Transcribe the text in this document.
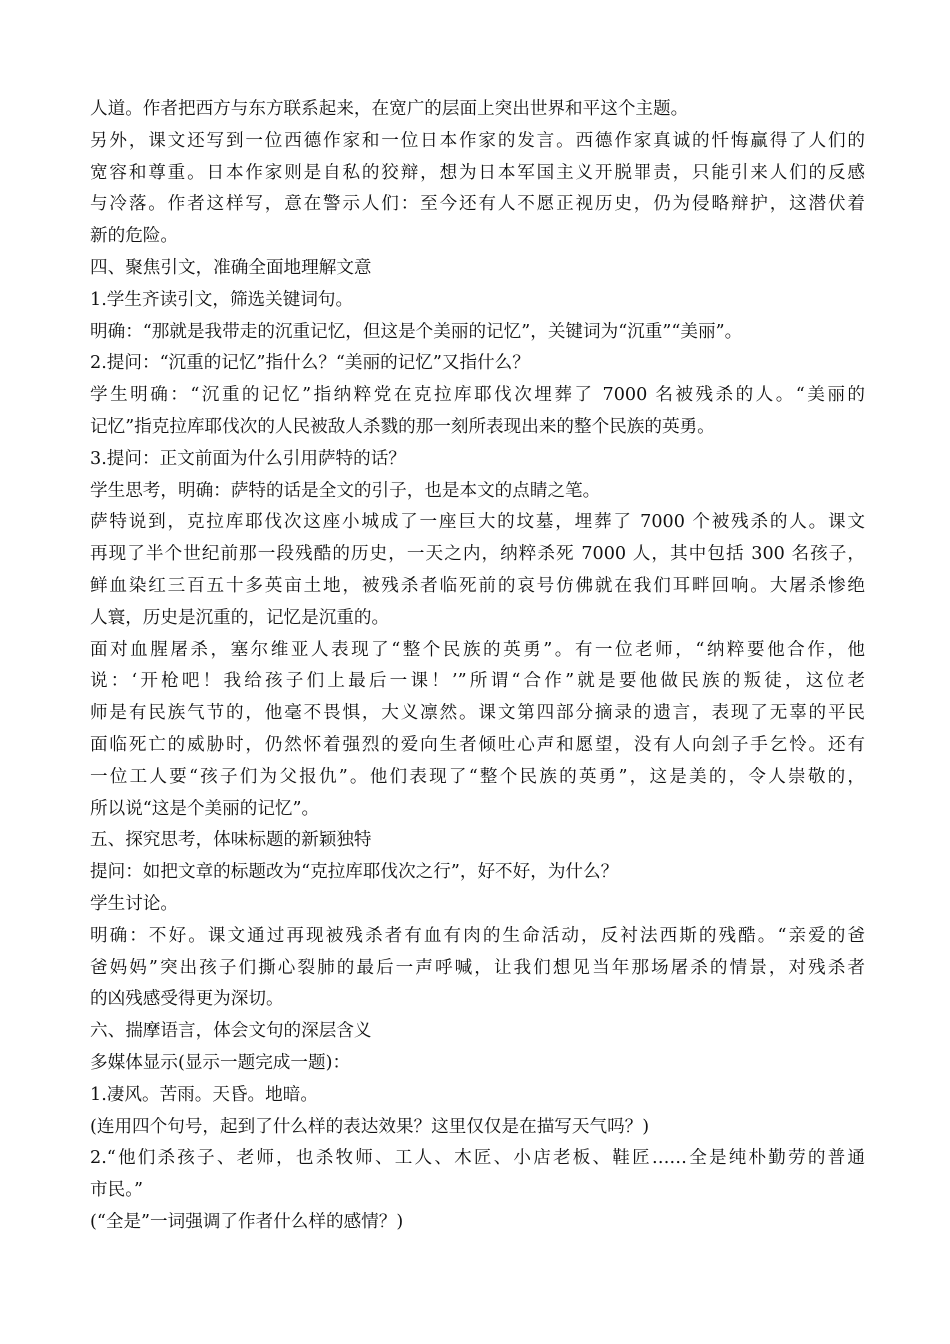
人道。作者把西方与东方联系起来，在宽广的层面上突出世界和平这个主题。
另外，课文还写到一位西德作家和一位日本作家的发言。西德作家真诚的忏悔赢得了人们的
宽容和尊重。日本作家则是自私的狡辩，想为日本军国主义开脱罪责，只能引来人们的反感
与冷落。作者这样写，意在警示人们：至今还有人不愿正视历史，仍为侵略辩护，这潜伏着
新的危险。
四、聚焦引文，准确全面地理解文意
1.学生齐读引文，筛选关键词句。
明确：“那就是我带走的沉重记忆，但这是个美丽的记忆”，关键词为“沉重”“美丽”。
2.提问：“沉重的记忆”指什么？“美丽的记忆”又指什么？
学生明确：“沉重的记忆”指纳粹党在克拉库耶伐次埋葬了 7000 名被残杀的人。“美丽的
记忆”指克拉库耶伐次的人民被敌人杀戮的那一刻所表现出来的整个民族的英勇。
3.提问：正文前面为什么引用萨特的话？
学生思考，明确：萨特的话是全文的引子，也是本文的点睛之笔。
萨特说到，克拉库耶伐次这座小城成了一座巨大的坟墓，埋葬了 7000 个被残杀的人。课文
再现了半个世纪前那一段残酷的历史，一天之内，纳粹杀死 7000 人，其中包括 300 名孩子，
鲜血染红三百五十多英亩土地，被残杀者临死前的哀号仿佛就在我们耳畔回响。大屠杀惨绝
人寰，历史是沉重的，记忆是沉重的。
面对血腥屠杀，塞尔维亚人表现了“整个民族的英勇”。有一位老师，“纳粹要他合作，他
说：‘开枪吧！我给孩子们上最后一课！’”所谓“合作”就是要他做民族的叛徒，这位老
师是有民族气节的，他毫不畏惧，大义凛然。课文第四部分摘录的遗言，表现了无辜的平民
面临死亡的威胁时，仍然怀着强烈的爱向生者倾吐心声和愿望，没有人向刽子手乞怜。还有
一位工人要“孩子们为父报仇”。他们表现了“整个民族的英勇”，这是美的，令人崇敬的，
所以说“这是个美丽的记忆”。
五、探究思考，体味标题的新颖独特
提问：如把文章的标题改为“克拉库耶伐次之行”，好不好，为什么？
学生讨论。
明确：不好。课文通过再现被残杀者有血有肉的生命活动，反衬法西斯的残酷。“亲爱的爸
爸妈妈”突出孩子们撕心裂肺的最后一声呼喊，让我们想见当年那场屠杀的情景，对残杀者
的凶残感受得更为深切。
六、揣摩语言，体会文句的深层含义
多媒体显示(显示一题完成一题)：
1.凄风。苦雨。天昏。地暗。
(连用四个句号，起到了什么样的表达效果？这里仅仅是在描写天气吗？)
2.“他们杀孩子、老师，也杀牧师、工人、木匠、小店老板、鞋匠……全是纯朴勤劳的普通
市民。”
(“全是”一词强调了作者什么样的感情？)
